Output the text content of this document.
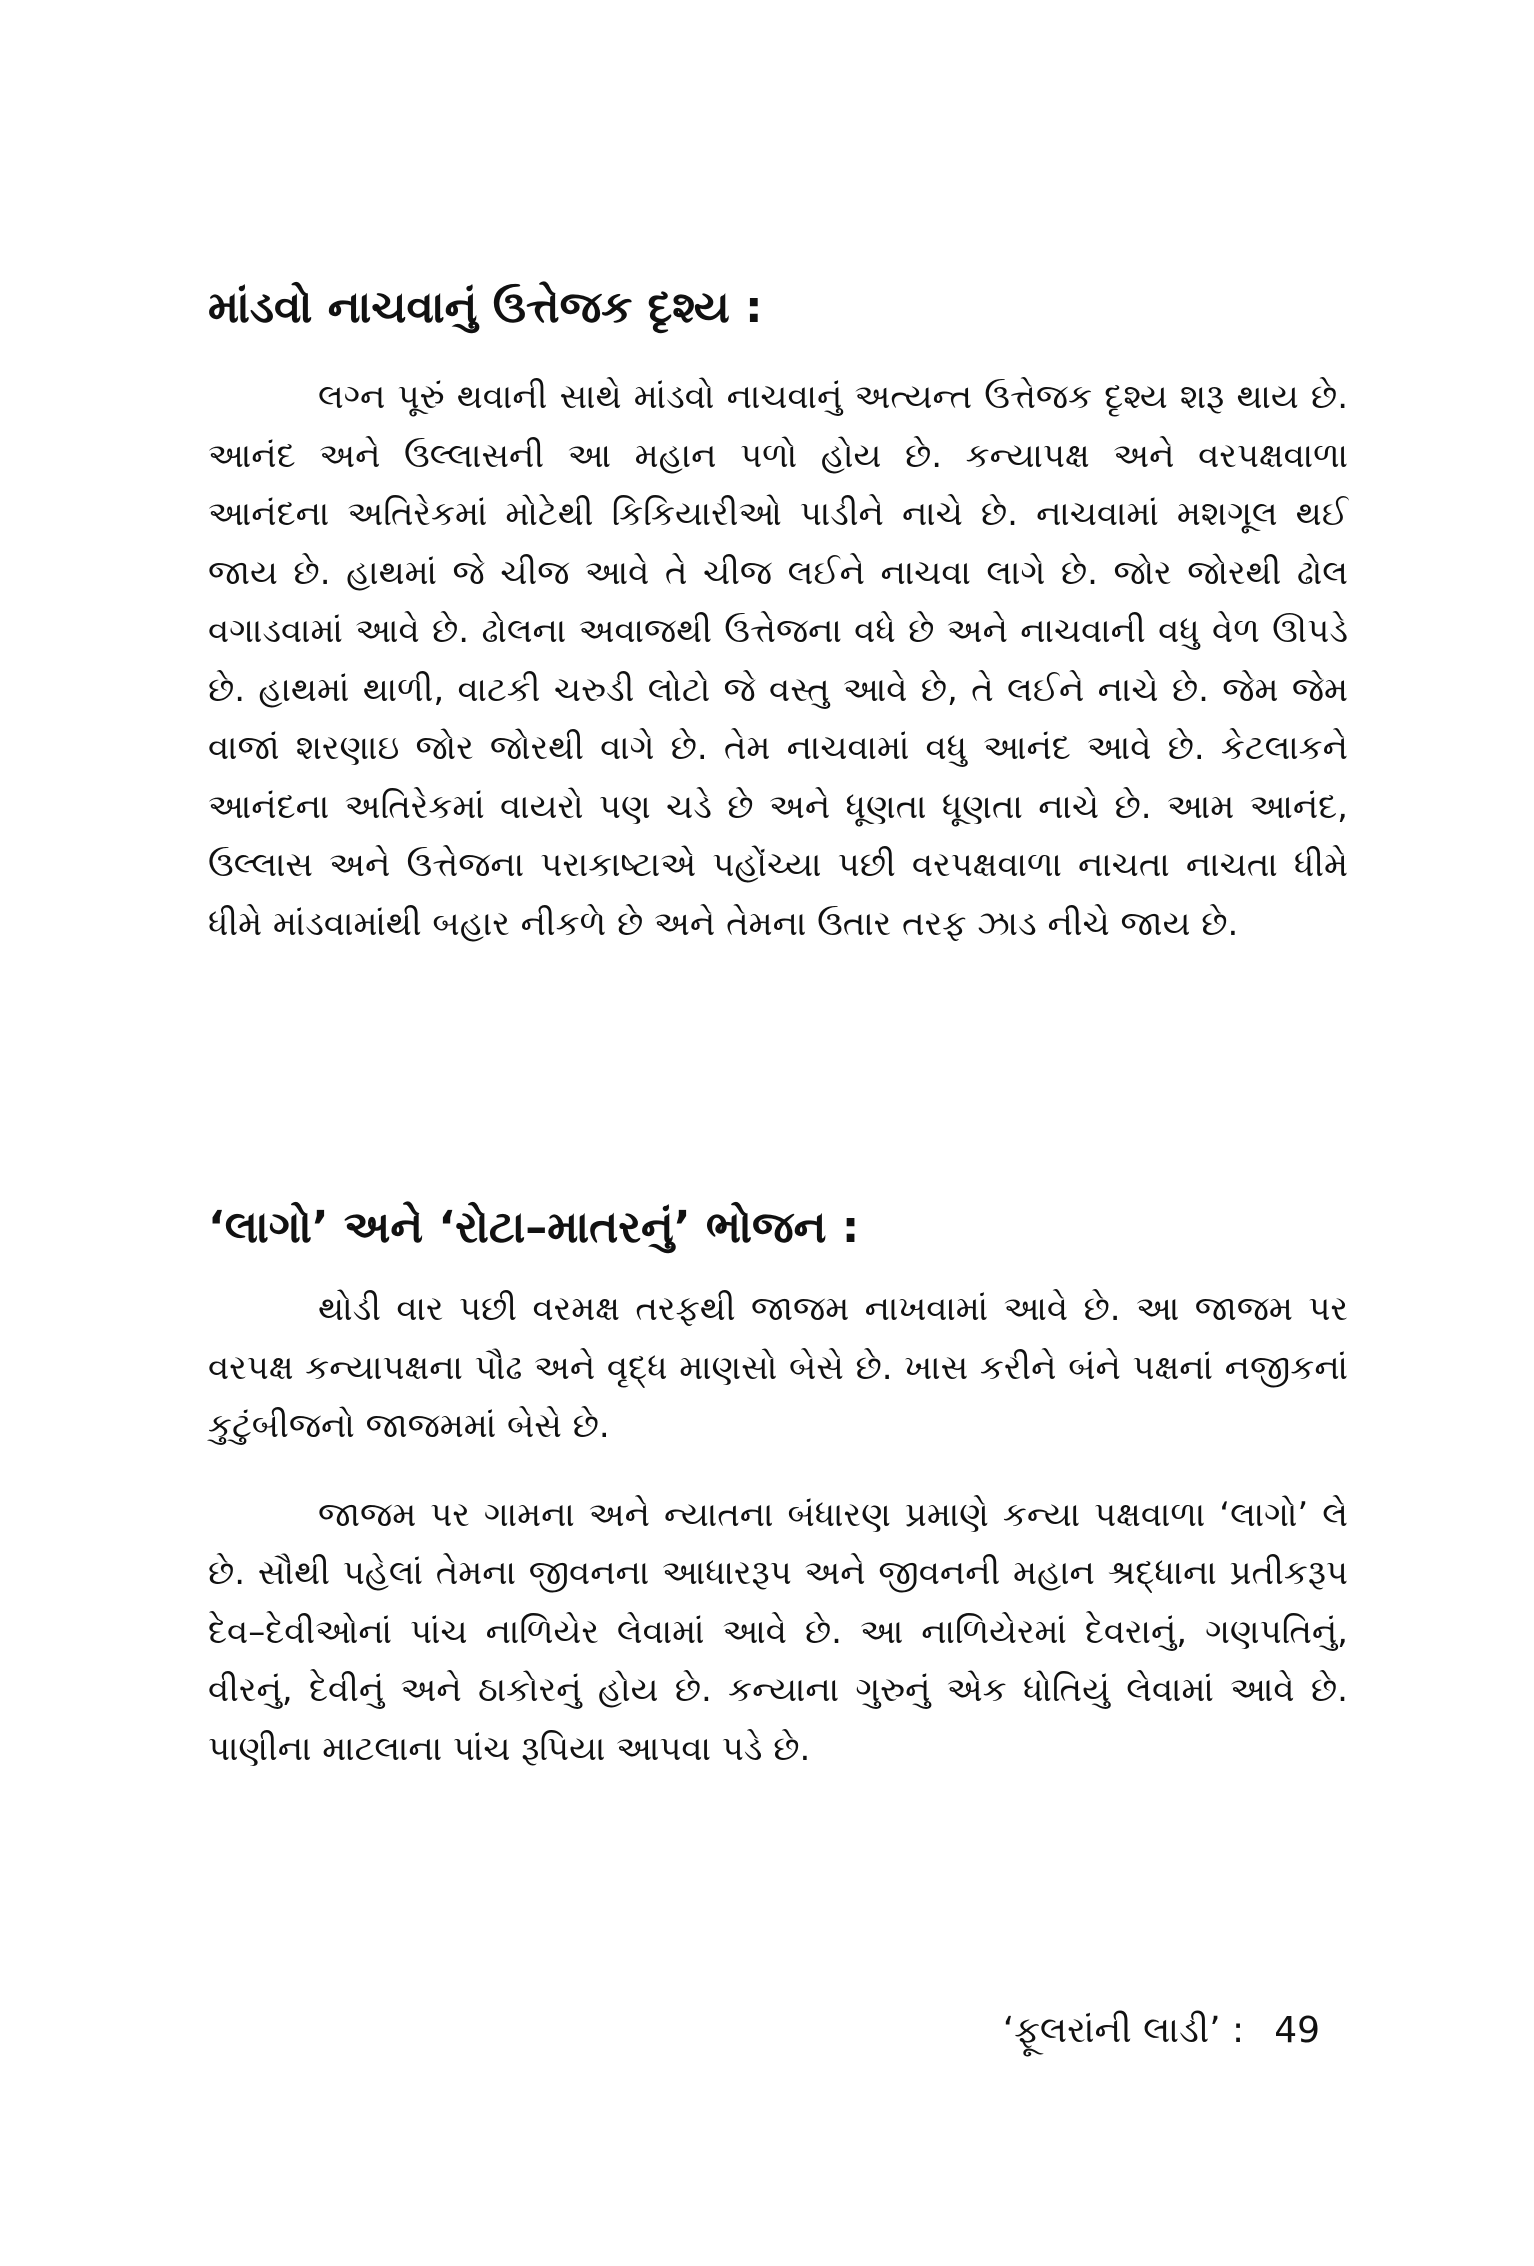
માંડવો નાચવાનું ઉત્તેજક દૃશ્ય :

લગ્ન પૂરું થવાની સાથે માંડવો નાચવાનું અત્યન્ત ઉત્તેજક દૃશ્ય શરૂ થાય છે. આનંદ અને ઉલ્લાસની આ મહાન પળો હોય છે. કન્યાપક્ષ અને વરપક્ષવાળા આનંદના અતિરેકમાં મોટેથી કિકિયારીઓ પાડીને નાચે છે. નાચવામાં મશગૂલ થઈ જાય છે. હાથમાં જે ચીજ આવે તે ચીજ લઈને નાચવા લાગે છે. જોર જોરથી ઢોલ વગાડવામાં આવે છે. ઢોલના અવાજથી ઉત્તેજના વધે છે અને નાચવાની વધુ વેળ ઊપડે છે. હાથમાં થાળી, વાટકી ચરુડી લોટો જે વસ્તુ આવે છે, તે લઈને નાચે છે. જેમ જેમ વાજાં શરણાઇ જોર જોરથી વાગે છે. તેમ નાચવામાં વધુ આનંદ આવે છે. કેટલાકને આનંદના અતિરેકમાં વાયરો પણ ચડે છે અને ધૂણતા ધૂણતા નાચે છે. આમ આનંદ, ઉલ્લાસ અને ઉત્તેજના પરાકાષ્ટાએ પહોંચ્યા પછી વરપક્ષવાળા નાચતા નાચતા ધીમે ધીમે માંડવામાંથી બહાર નીકળે છે અને તેમના ઉતાર તરફ ઝાડ નીચે જાય છે.

‘લાગો’ અને ‘રોટા–માતરનું’ ભોજન :

થોડી વાર પછી વરમક્ષ તરફથી જાજમ નાખવામાં આવે છે. આ જાજમ પર વરપક્ષ કન્યાપક્ષના પૌઢ અને વૃદ્ધ માણસો બેસે છે. ખાસ કરીને બંને પક્ષનાં નજીકનાં કુટુંબીજનો જાજમમાં બેસે છે.

જાજમ પર ગામના અને ન્યાતના બંધારણ પ્રમાણે કન્યા પક્ષવાળા ‘લાગો’ લે છે. સૌથી પહેલાં તેમના જીવનના આધારરૂપ અને જીવનની મહાન શ્રદ્ધાના પ્રતીકરૂપ દેવ–દેવીઓનાં પાંચ નાળિયેર લેવામાં આવે છે. આ નાળિયેરમાં દેવરાનું, ગણપતિનું, વીરનું, દેવીનું અને ઠાકોરનું હોય છે. કન્યાના ગુરુનું એક ધોતિયું લેવામાં આવે છે. પાણીના માટલાના પાંચ રૂપિયા આપવા પડે છે.

‘ફૂલરાંની લાડી’ : 49
